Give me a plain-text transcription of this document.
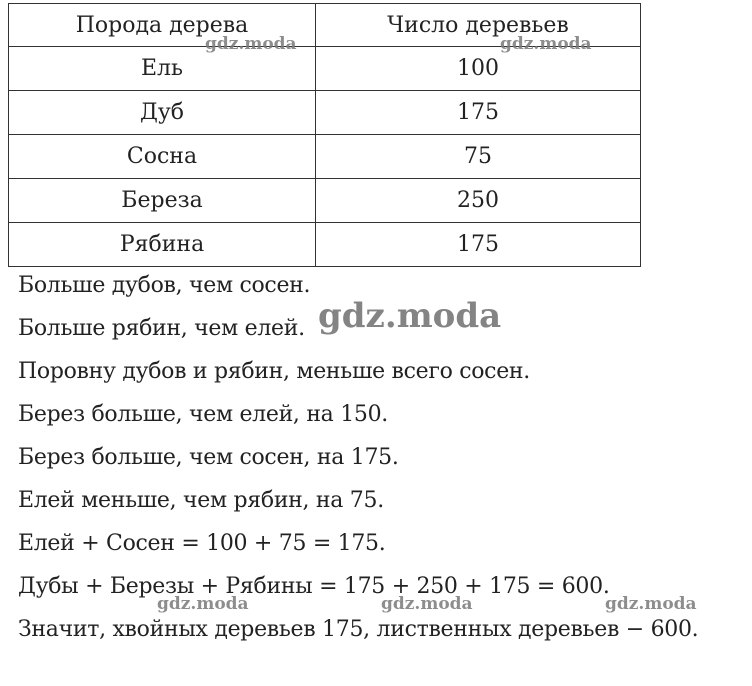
Порода дерева	Число деревьев
Ель	100
Дуб	175
Сосна	75
Береза	250
Рябина	175
Больше дубов, чем сосен.
Больше рябин, чем елей.
Поровну дубов и рябин, меньше всего сосен.
Берез больше, чем елей, на 150.
Берез больше, чем сосен, на 175.
Елей меньше, чем рябин, на 75.
Елей + Сосен = 100 + 75 = 175.
Дубы + Березы + Рябины = 175 + 250 + 175 = 600.
Значит, хвойных деревьев 175, лиственных деревьев − 600.
gdz.moda	gdz.moda
gdz.moda
gdz.moda	gdz.moda	gdz.moda
